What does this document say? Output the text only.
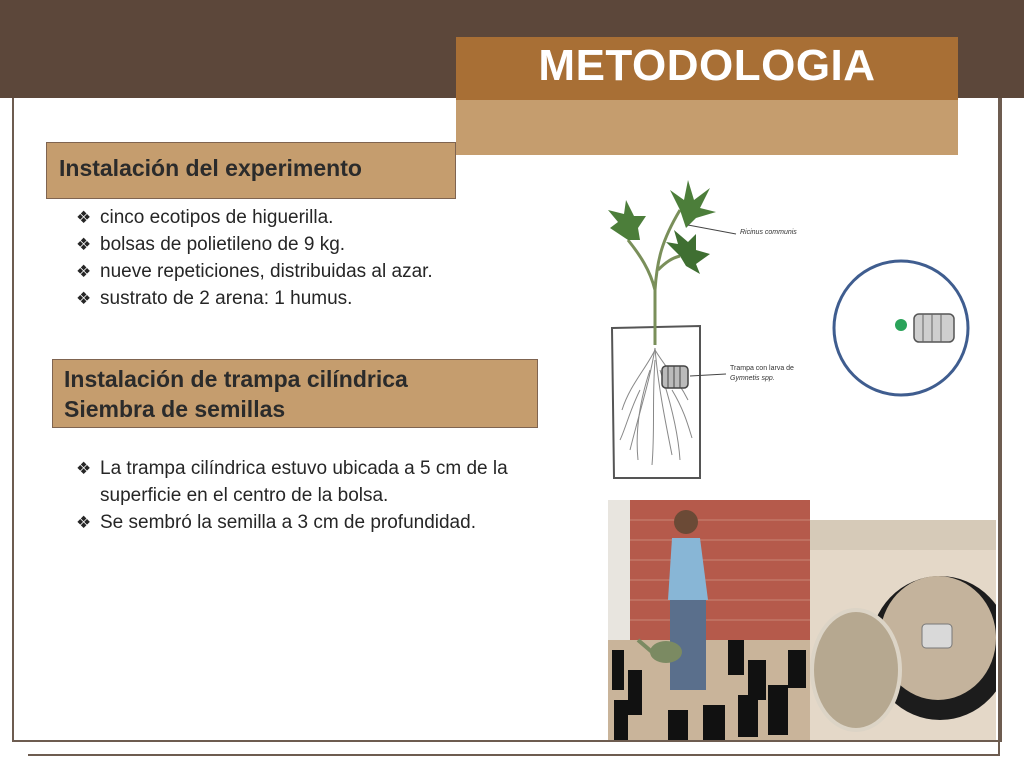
METODOLOGIA
Instalación del experimento
❖ cinco ecotipos de higuerilla.
❖ bolsas de polietileno de 9 kg.
❖ nueve repeticiones, distribuidas al azar.
❖ sustrato de 2 arena: 1 humus.
Instalación de trampa cilíndrica
Siembra de semillas
❖ La trampa cilíndrica estuvo ubicada a 5 cm de la superficie en el centro de la bolsa.
❖ Se sembró la semilla a 3 cm de profundidad.
Ricinus communis
Trampa con larva de
Gymnetis spp.
